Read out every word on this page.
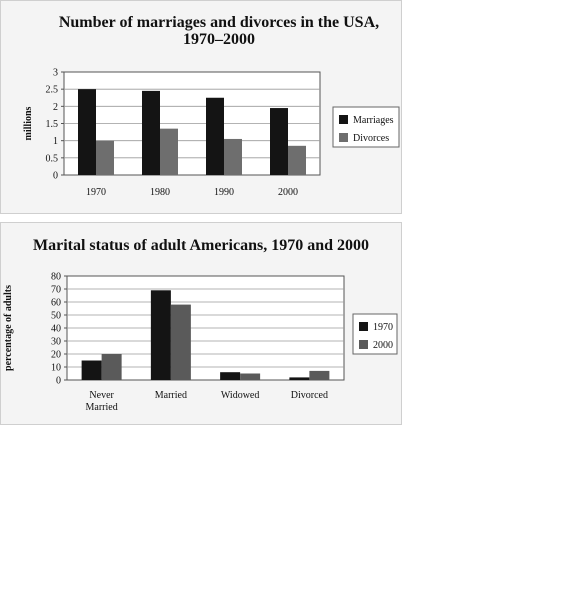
Number of marriages and divorces in the USA,
1970–2000
0
0.5
1
1.5
2
2.5
3
millions
1970	1980	1990	2000
Marriages
Divorces
Marital status of adult Americans, 1970 and 2000
0
10
20
30
40
50
60
70
80
percentage of adults
Never
Married
Married	Widowed	Divorced
1970
2000
